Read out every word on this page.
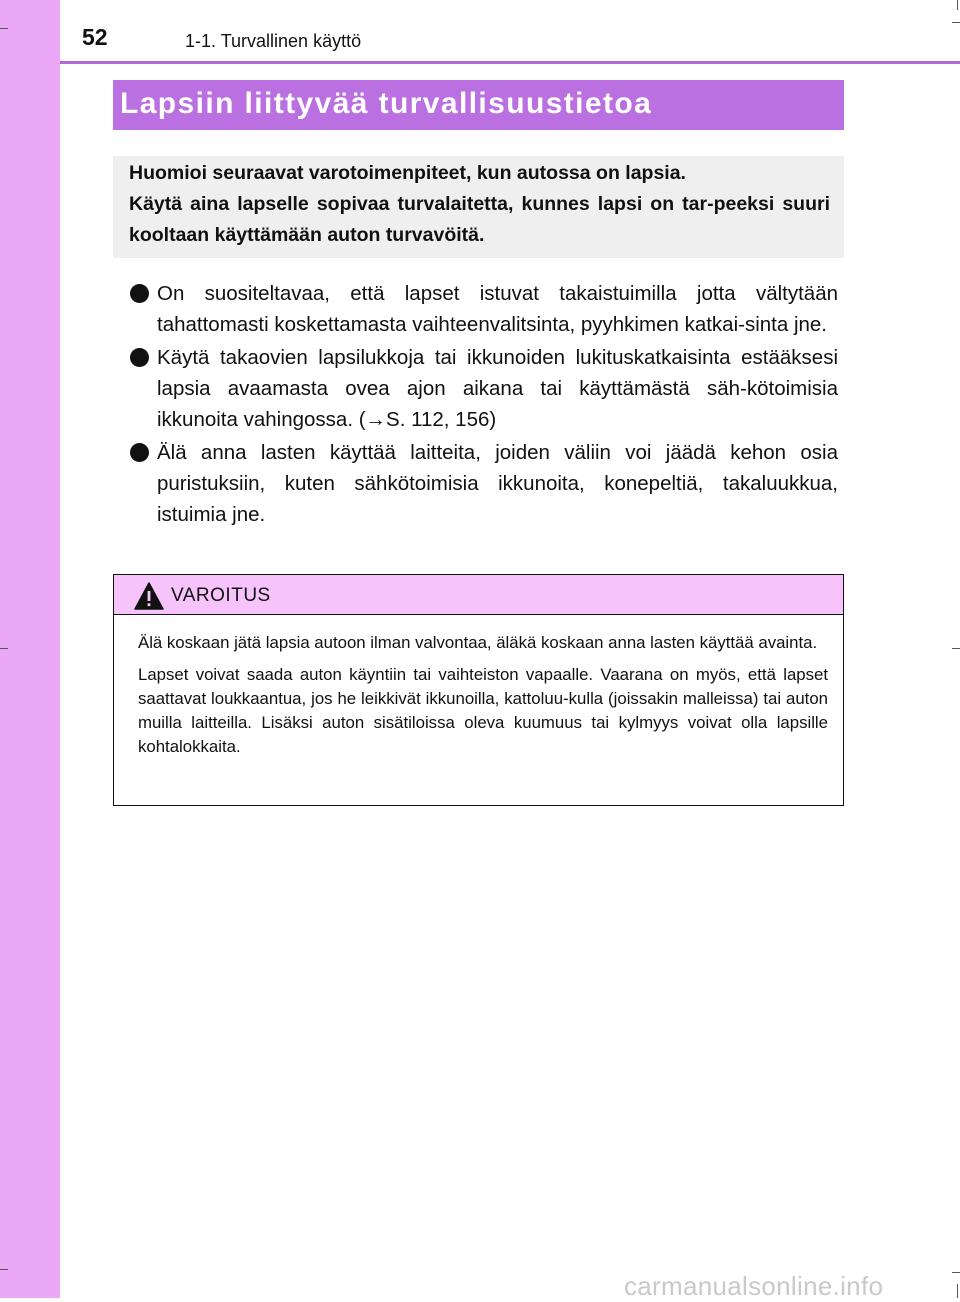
52	1-1. Turvallinen käyttö
Lapsiin liittyvää turvallisuustietoa

Huomioi seuraavat varotoimenpiteet, kun autossa on lapsia.

Käytä aina lapselle sopivaa turvalaitetta, kunnes lapsi on tar-peeksi suuri kooltaan käyttämään auton turvavöitä.

On suositeltavaa, että lapset istuvat takaistuimilla jotta vältytään tahattomasti koskettamasta vaihteenvalitsinta, pyyhkimen katkai-sinta jne.
Käytä takaovien lapsilukkoja tai ikkunoiden lukituskatkaisinta estääksesi lapsia avaamasta ovea ajon aikana tai käyttämästä säh-kötoimisia ikkunoita vahingossa. (→S. 112, 156)
Älä anna lasten käyttää laitteita, joiden väliin voi jäädä kehon osia puristuksiin, kuten sähkötoimisia ikkunoita, konepeltiä, takaluukkua, istuimia jne.
VAROITUS

Älä koskaan jätä lapsia autoon ilman valvontaa, äläkä koskaan anna lasten käyttää avainta.

Lapset voivat saada auton käyntiin tai vaihteiston vapaalle. Vaarana on myös, että lapset saattavat loukkaantua, jos he leikkivät ikkunoilla, kattoluu-kulla (joissakin malleissa) tai auton muilla laitteilla. Lisäksi auton sisätiloissa oleva kuumuus tai kylmyys voivat olla lapsille kohtalokkaita.

carmanualsonline.info
